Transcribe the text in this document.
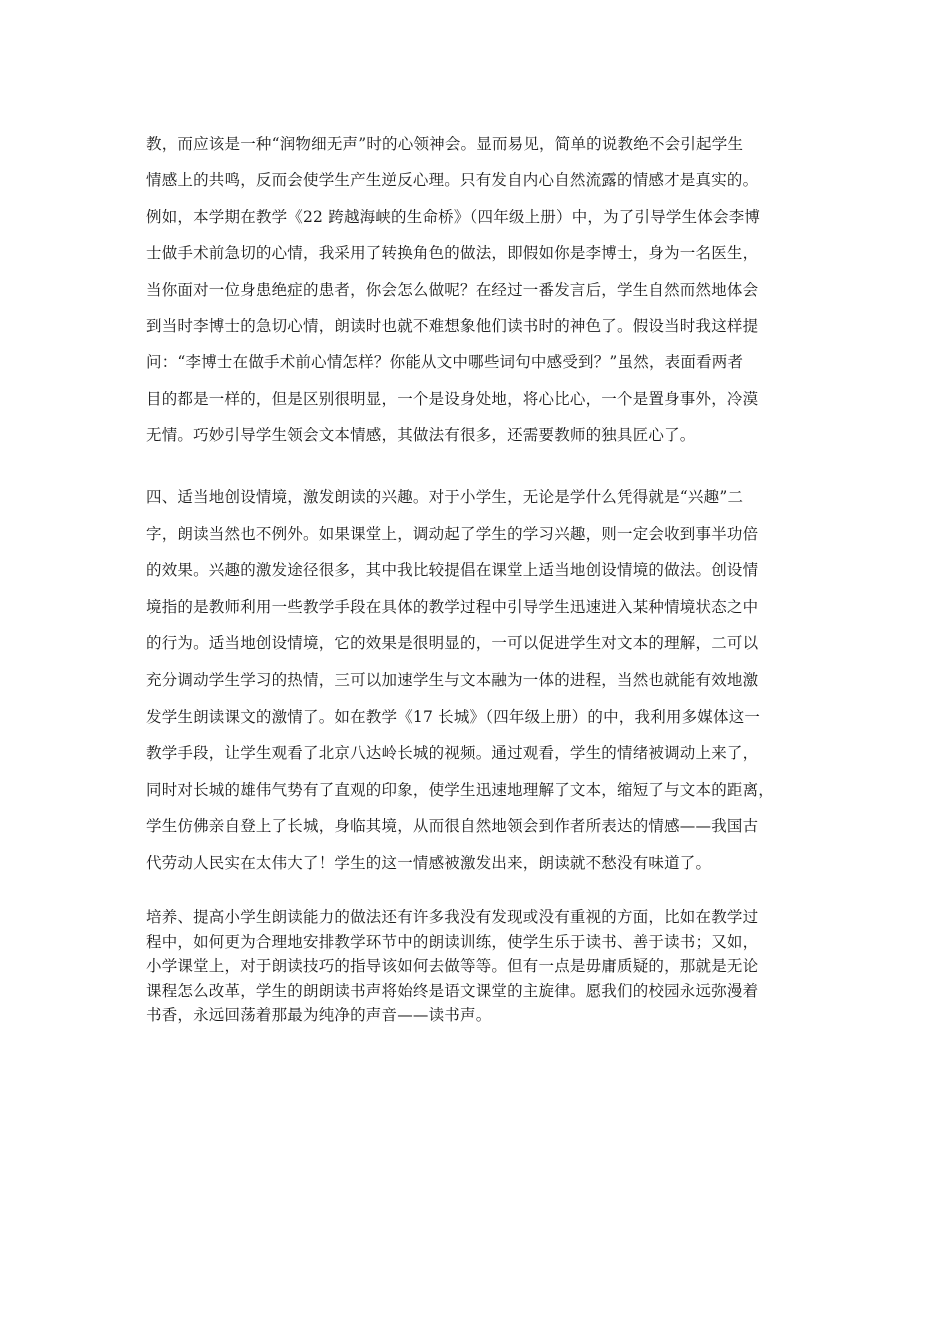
教，而应该是一种“润物细无声”时的心领神会。显而易见，简单的说教绝不会引起学生
情感上的共鸣，反而会使学生产生逆反心理。只有发自内心自然流露的情感才是真实的。
例如，本学期在教学《22 跨越海峡的生命桥》（四年级上册）中，为了引导学生体会李博
士做手术前急切的心情，我采用了转换角色的做法，即假如你是李博士，身为一名医生，
当你面对一位身患绝症的患者，你会怎么做呢？在经过一番发言后，学生自然而然地体会
到当时李博士的急切心情，朗读时也就不难想象他们读书时的神色了。假设当时我这样提
问：“李博士在做手术前心情怎样？你能从文中哪些词句中感受到？”虽然，表面看两者
目的都是一样的，但是区别很明显，一个是设身处地，将心比心，一个是置身事外，冷漠
无情。巧妙引导学生领会文本情感，其做法有很多，还需要教师的独具匠心了。
四、适当地创设情境，激发朗读的兴趣。对于小学生，无论是学什么凭得就是“兴趣”二
字，朗读当然也不例外。如果课堂上，调动起了学生的学习兴趣，则一定会收到事半功倍
的效果。兴趣的激发途径很多，其中我比较提倡在课堂上适当地创设情境的做法。创设情
境指的是教师利用一些教学手段在具体的教学过程中引导学生迅速进入某种情境状态之中
的行为。适当地创设情境，它的效果是很明显的，一可以促进学生对文本的理解，二可以
充分调动学生学习的热情，三可以加速学生与文本融为一体的进程，当然也就能有效地激
发学生朗读课文的激情了。如在教学《17 长城》（四年级上册）的中，我利用多媒体这一
教学手段，让学生观看了北京八达岭长城的视频。通过观看，学生的情绪被调动上来了，
同时对长城的雄伟气势有了直观的印象，使学生迅速地理解了文本，缩短了与文本的距离，
学生仿佛亲自登上了长城，身临其境，从而很自然地领会到作者所表达的情感——我国古
代劳动人民实在太伟大了！学生的这一情感被激发出来，朗读就不愁没有味道了。
培养、提高小学生朗读能力的做法还有许多我没有发现或没有重视的方面，比如在教学过
程中，如何更为合理地安排教学环节中的朗读训练，使学生乐于读书、善于读书；又如，
小学课堂上，对于朗读技巧的指导该如何去做等等。但有一点是毋庸质疑的，那就是无论
课程怎么改革，学生的朗朗读书声将始终是语文课堂的主旋律。愿我们的校园永远弥漫着
书香，永远回荡着那最为纯净的声音——读书声。
